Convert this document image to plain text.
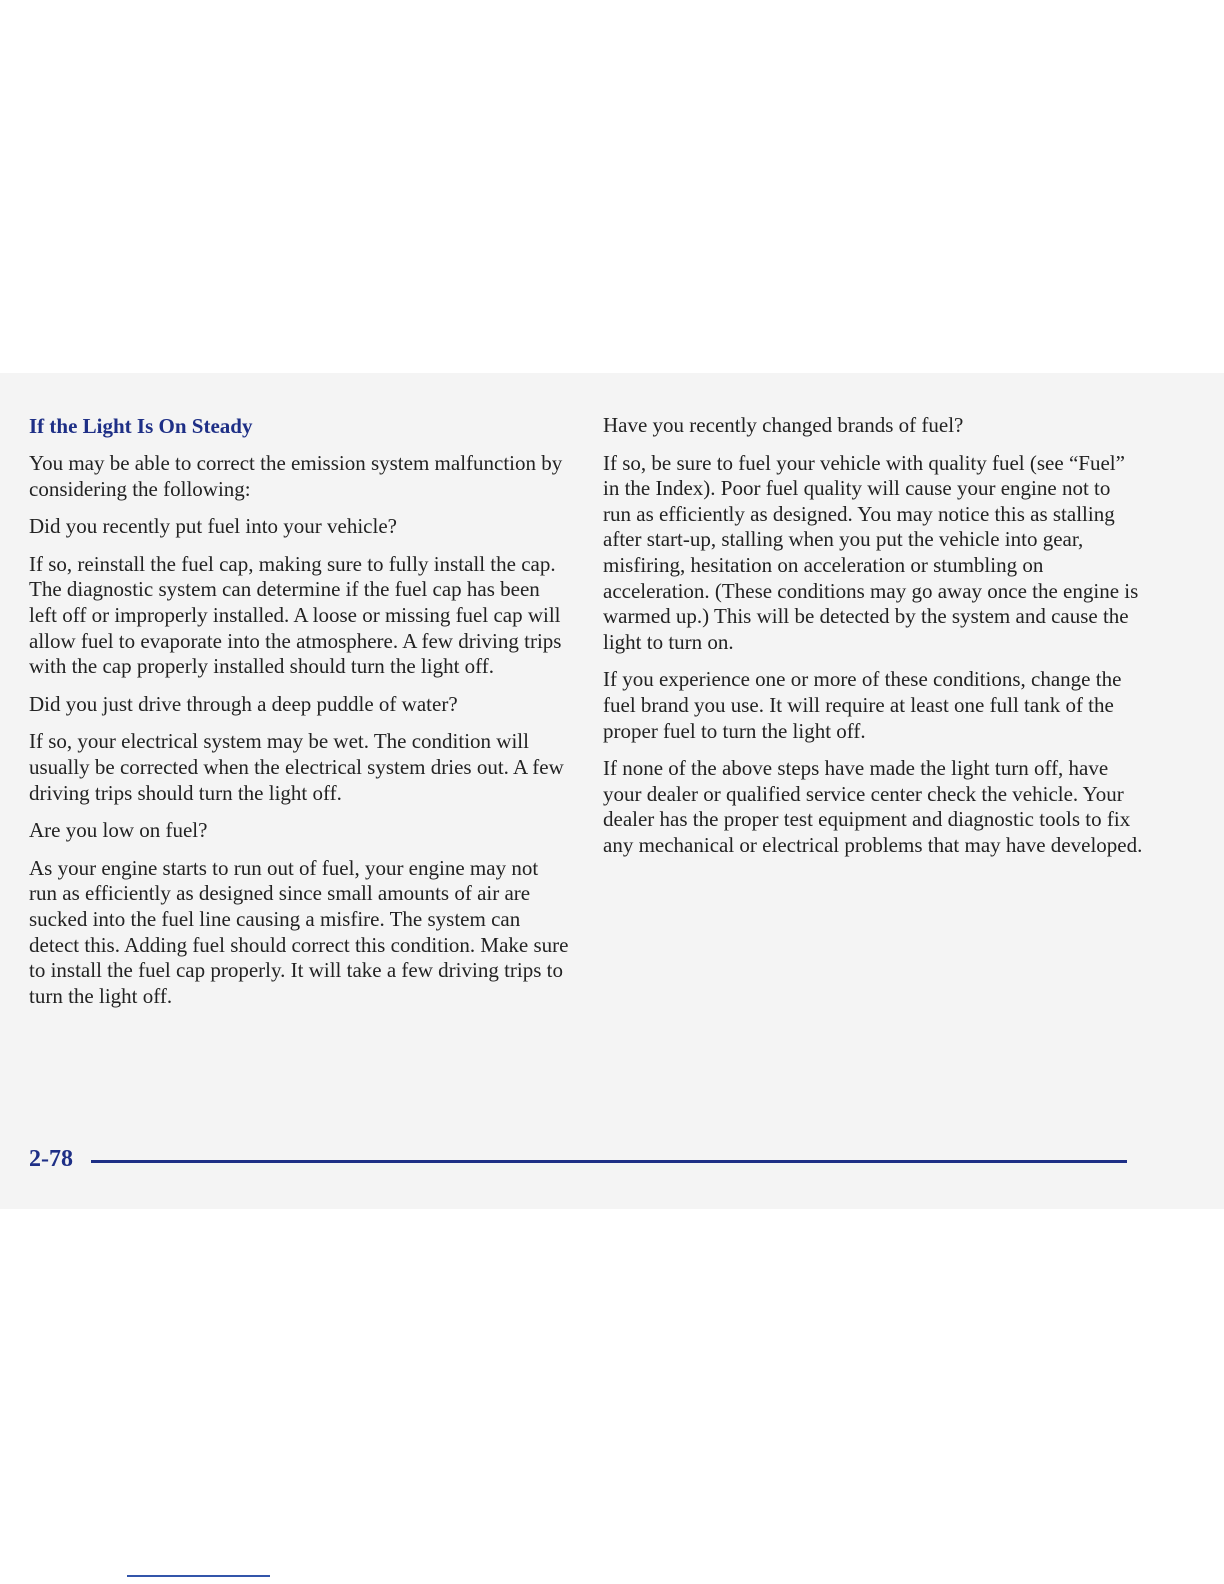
If the Light Is On Steady

You may be able to correct the emission system malfunction by considering the following:

Did you recently put fuel into your vehicle?

If so, reinstall the fuel cap, making sure to fully install the cap. The diagnostic system can determine if the fuel cap has been left off or improperly installed. A loose or missing fuel cap will allow fuel to evaporate into the atmosphere. A few driving trips with the cap properly installed should turn the light off.

Did you just drive through a deep puddle of water?

If so, your electrical system may be wet. The condition will usually be corrected when the electrical system dries out. A few driving trips should turn the light off.

Are you low on fuel?

As your engine starts to run out of fuel, your engine may not run as efficiently as designed since small amounts of air are sucked into the fuel line causing a misfire. The system can detect this. Adding fuel should correct this condition. Make sure to install the fuel cap properly. It will take a few driving trips to turn the light off.

Have you recently changed brands of fuel?

If so, be sure to fuel your vehicle with quality fuel (see “Fuel” in the Index). Poor fuel quality will cause your engine not to run as efficiently as designed. You may notice this as stalling after start-up, stalling when you put the vehicle into gear, misfiring, hesitation on acceleration or stumbling on acceleration. (These conditions may go away once the engine is warmed up.) This will be detected by the system and cause the light to turn on.

If you experience one or more of these conditions, change the fuel brand you use. It will require at least one full tank of the proper fuel to turn the light off.

If none of the above steps have made the light turn off, have your dealer or qualified service center check the vehicle. Your dealer has the proper test equipment and diagnostic tools to fix any mechanical or electrical problems that may have developed.

2-78
